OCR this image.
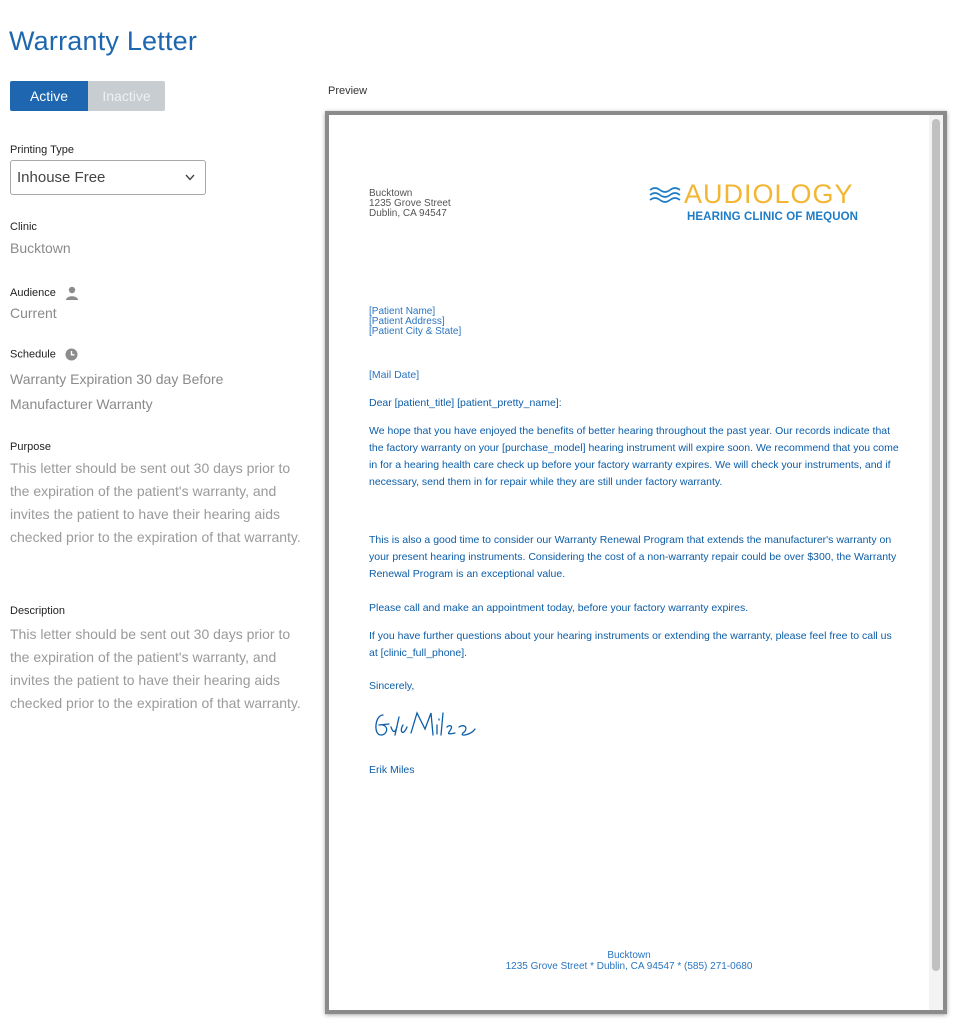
Warranty Letter
Active	Inactive
Printing Type
Inhouse Free
Clinic
Bucktown
Audience
Current
Schedule
Warranty Expiration 30 day Before
Manufacturer Warranty
Purpose
This letter should be sent out 30 days prior to the expiration of the patient's warranty, and invites the patient to have their hearing aids checked prior to the expiration of that warranty.
Description
This letter should be sent out 30 days prior to the expiration of the patient's warranty, and invites the patient to have their hearing aids checked prior to the expiration of that warranty.
Preview
Bucktown
1235 Grove Street
Dublin, CA 94547
AUDIOLOGY
HEARING CLINIC OF MEQUON
[Patient Name]
[Patient Address]
[Patient City & State]
[Mail Date]
Dear [patient_title] [patient_pretty_name]:
We hope that you have enjoyed the benefits of better hearing throughout the past year. Our records indicate that the factory warranty on your [purchase_model] hearing instrument will expire soon. We recommend that you come in for a hearing health care check up before your factory warranty expires. We will check your instruments, and if necessary, send them in for repair while they are still under factory warranty.
This is also a good time to consider our Warranty Renewal Program that extends the manufacturer's warranty on your present hearing instruments. Considering the cost of a non-warranty repair could be over $300, the Warranty Renewal Program is an exceptional value.
Please call and make an appointment today, before your factory warranty expires.
If you have further questions about your hearing instruments or extending the warranty, please feel free to call us at [clinic_full_phone].
Sincerely,
Erik Miles
Bucktown
1235 Grove Street * Dublin, CA 94547 * (585) 271-0680
